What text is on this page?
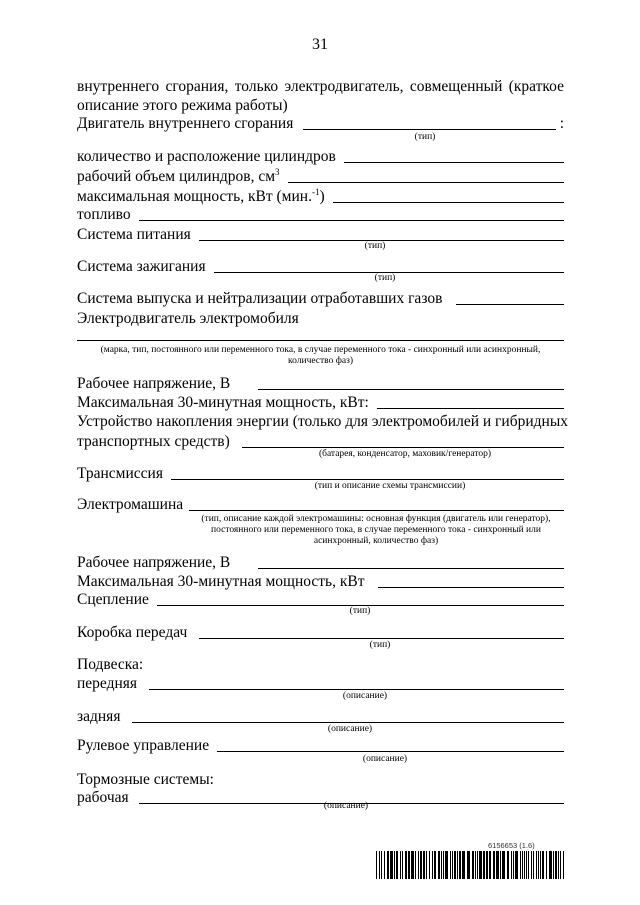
31
внутреннего сгорания, только электродвигатель, совмещенный (краткое описание этого режима работы)
Двигатель внутреннего сгорания	:
(тип)
количество и расположение цилиндров
рабочий объем цилиндров, $см^3$
максимальная мощность, кВт (мин.$^{-1}$)
топливо
Система питания
(тип)
Система зажигания
(тип)
Система выпуска и нейтрализации отработавших газов
Электродвигатель электромобиля
(марка, тип, постоянного или переменного тока, в случае переменного тока - синхронный или асинхронный, количество фаз)
Рабочее напряжение, В
Максимальная 30-минутная мощность, кВт:
Устройство накопления энергии (только для электромобилей и гибридных
транспортных средств)
(батарея, конденсатор, маховик/генератор)
Трансмиссия
(тип и описание схемы трансмиссии)
Электромашина
(тип, описание каждой электромашины: основная функция (двигатель или генератор), постоянного или переменного тока, в случае переменного тока - синхронный или асинхронный, количество фаз)
Рабочее напряжение, В
Максимальная 30-минутная мощность, кВт
Сцепление
(тип)
Коробка передач
(тип)
Подвеска:
передняя
(описание)
задняя
(описание)
Рулевое управление
(описание)
Тормозные системы:
рабочая	(описание)
6156653 (1.6)
